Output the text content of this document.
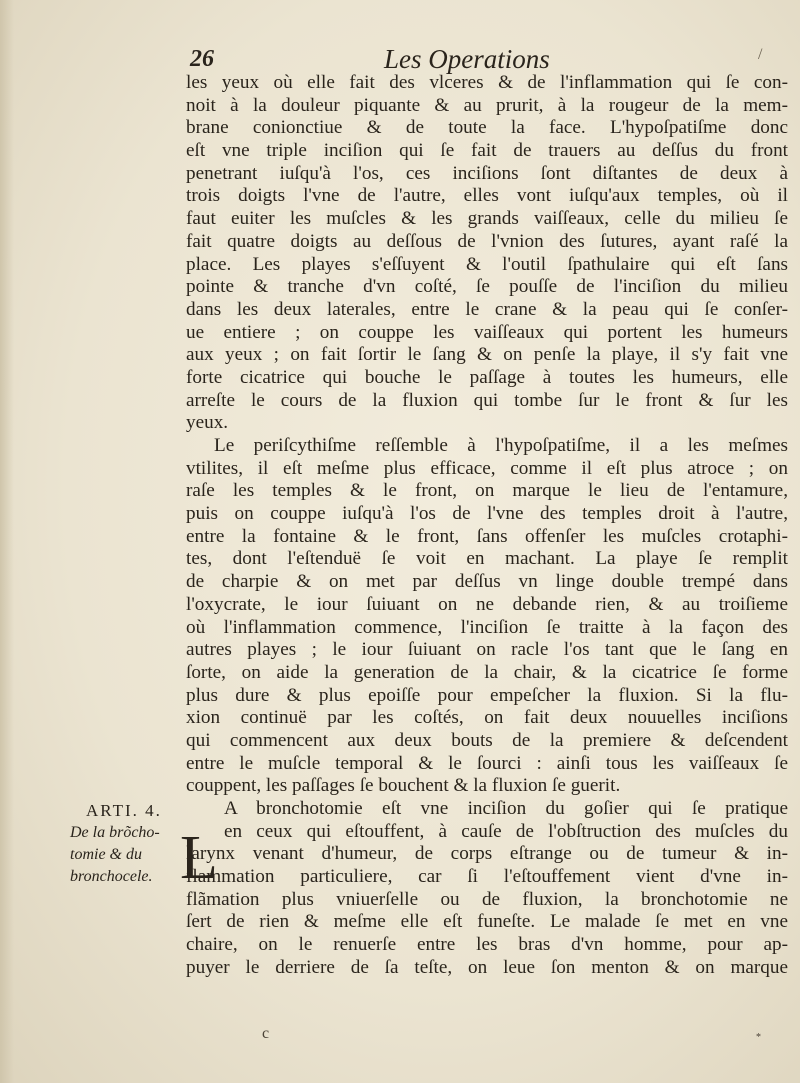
26	Les Operations	/
les yeux où elle fait des vlceres & de l'inflammation qui ſe con-
noit à la douleur piquante & au prurit, à la rougeur de la mem-
brane conionctiue & de toute la face. L'hypoſpatiſme donc
eſt vne triple inciſion qui ſe fait de trauers au deſſus du front
penetrant iuſqu'à l'os, ces inciſions ſont diſtantes de deux à
trois doigts l'vne de l'autre, elles vont iuſqu'aux temples, où il
faut euiter les muſcles & les grands vaiſſeaux, celle du milieu ſe
fait quatre doigts au deſſous de l'vnion des ſutures, ayant raſé la
place. Les playes s'eſſuyent & l'outil ſpathulaire qui eſt ſans
pointe & tranche d'vn coſté, ſe pouſſe de l'inciſion du milieu
dans les deux laterales, entre le crane & la peau qui ſe conſer-
ue entiere ; on couppe les vaiſſeaux qui portent les humeurs
aux yeux ; on fait ſortir le ſang & on penſe la playe, il s'y fait vne
forte cicatrice qui bouche le paſſage à toutes les humeurs, elle
arreſte le cours de la fluxion qui tombe ſur le front & ſur les
yeux.
Le periſcythiſme reſſemble à l'hypoſpatiſme, il a les meſmes
vtilites, il eſt meſme plus efficace, comme il eſt plus atroce ; on
raſe les temples & le front, on marque le lieu de l'entamure,
puis on couppe iuſqu'à l'os de l'vne des temples droit à l'autre,
entre la fontaine & le front, ſans offenſer les muſcles crotaphi-
tes, dont l'eſtenduë ſe voit en machant. La playe ſe remplit
de charpie & on met par deſſus vn linge double trempé dans
l'oxycrate, le iour ſuiuant on ne debande rien, & au troiſieme
où l'inflammation commence, l'inciſion ſe traitte à la façon des
autres playes ; le iour ſuiuant on racle l'os tant que le ſang en
ſorte, on aide la generation de la chair, & la cicatrice ſe forme
plus dure & plus epoiſſe pour empeſcher la fluxion. Si la flu-
xion continuë par les coſtés, on fait deux nouuelles inciſions
qui commencent aux deux bouts de la premiere & deſcendent
entre le muſcle temporal & le ſourci : ainſi tous les vaiſſeaux ſe
couppent, les paſſages ſe bouchent & la fluxion ſe guerit.
L
A bronchotomie eſt vne inciſion du goſier qui ſe pratique
en ceux qui eſtouffent, à cauſe de l'obſtruction des muſcles du
larynx venant d'humeur, de corps eſtrange ou de tumeur & in-
flammation particuliere, car ſi l'eſtouffement vient d'vne in-
flãmation plus vniuerſelle ou de fluxion, la bronchotomie ne
ſert de rien & meſme elle eſt funeſte. Le malade ſe met en vne
chaire, on le renuerſe entre les bras d'vn homme, pour ap-
puyer le derriere de ſa teſte, on leue ſon menton & on marque
ARTI. 4.
De la brõcho-
tomie & du
bronchocele.
c	*
